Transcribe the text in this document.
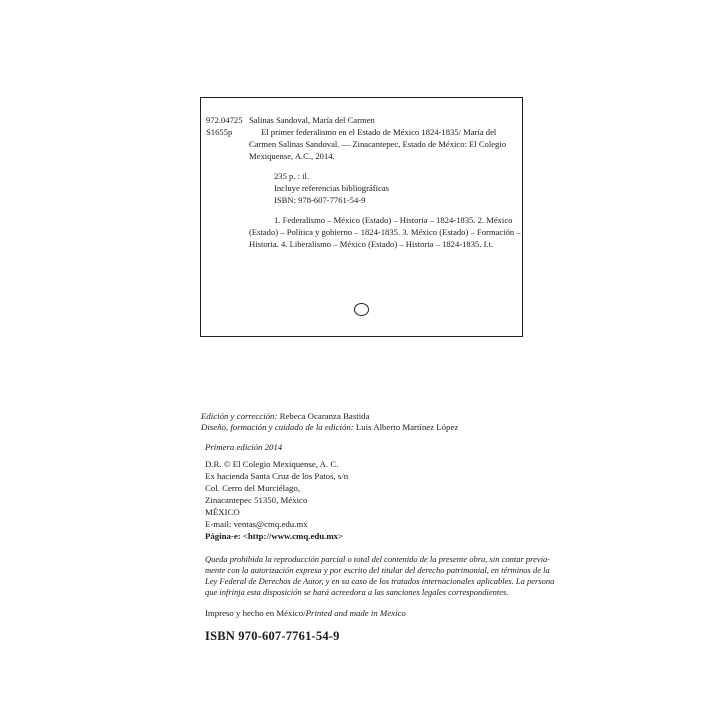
972.04725
S1655p
Salinas Sandoval, María del Carmen
El primer federalismo en el Estado de México 1824-1835/ María del
Carmen Salinas Sandoval. — Zinacantepec, Estado de México: El Colegio
Mexiquense, A.C., 2014.
235 p. : il.
Incluye referencias bibliográficas
ISBN: 978-607-7761-54-9
1. Federalismo – México (Estado) – Historia – 1824-1835. 2. México
(Estado) – Política y gobierno – 1824-1835. 3. México (Estado) – Formación –
Historia. 4. Liberalismo – México (Estado) – Historia – 1824-1835. I.t.
Edición y corrección: Rebeca Ocaranza Bastida
Diseño, formación y cuidado de la edición: Luis Alberto Martínez López
Primera edición 2014
D.R. © El Colegio Mexiquense, A. C.
Ex hacienda Santa Cruz de los Patos, s/n
Col. Cerro del Murciélago,
Zinacantepec 51350, México
MÉXICO
E-mail: ventas@cmq.edu.mx
Página-e: <http://www.cmq.edu.mx>
Queda prohibida la reproducción parcial o total del contenido de la presente obra, sin contar previa-
mente con la autorización expresa y por escrito del titular del derecho patrimonial, en términos de la
Ley Federal de Derechos de Autor, y en su caso de los tratados internacionales aplicables. La persona
que infrinja esta disposición se hará acreedora a las sanciones legales correspondientes.
Impreso y hecho en México/Printed and made in Mexico
ISBN 970-607-7761-54-9
